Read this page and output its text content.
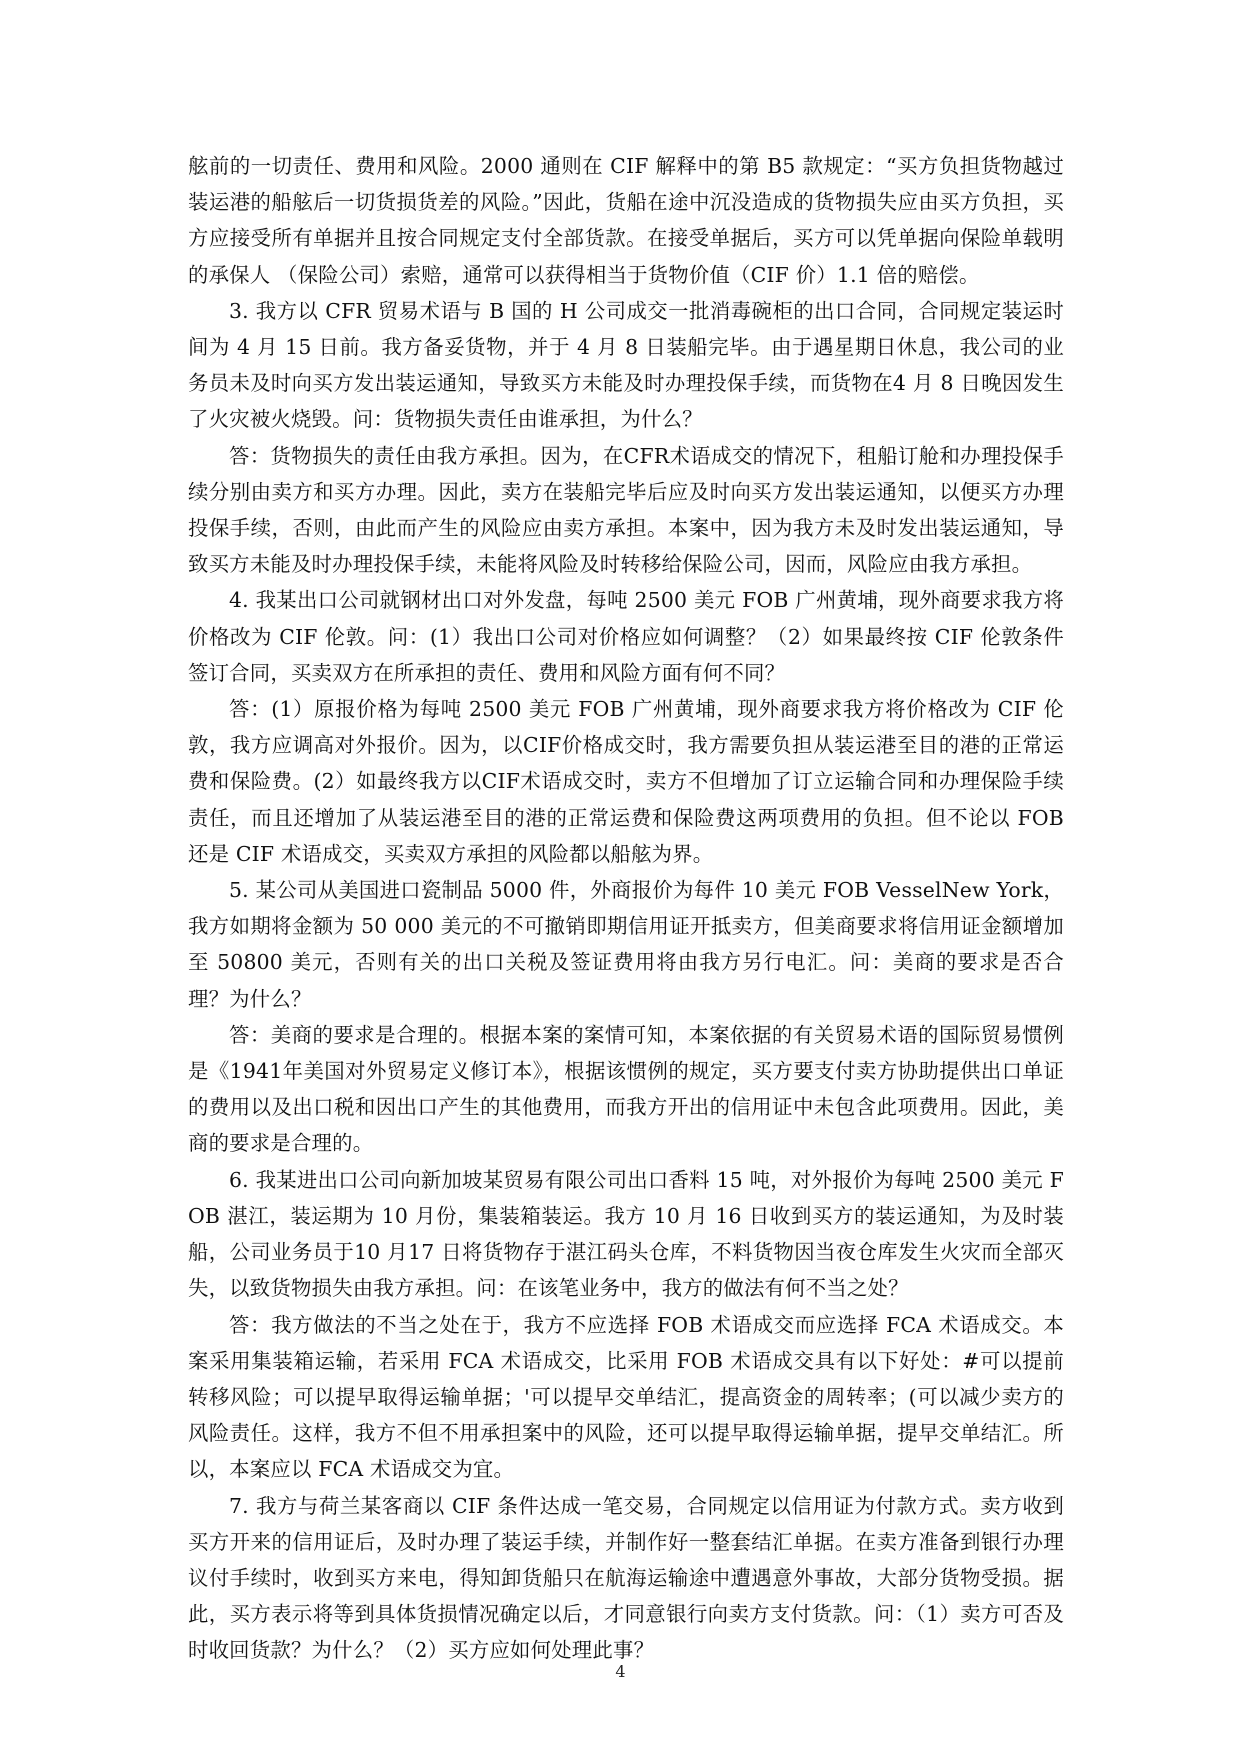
舷前的一切责任、费用和风险。2000 通则在 CIF 解释中的第 B5 款规定：“买方负担货物越过装运港的船舷后一切货损货差的风险。”因此，货船在途中沉没造成的货物损失应由买方负担，买方应接受所有单据并且按合同规定支付全部货款。在接受单据后，买方可以凭单据向保险单载明的承保人 （保险公司）索赔，通常可以获得相当于货物价值（CIF 价）1.1 倍的赔偿。

3. 我方以 CFR 贸易术语与 B 国的 H 公司成交一批消毒碗柜的出口合同，合同规定装运时间为 4 月 15 日前。我方备妥货物，并于 4 月 8 日装船完毕。由于遇星期日休息，我公司的业务员未及时向买方发出装运通知，导致买方未能及时办理投保手续，而货物在4 月 8 日晚因发生了火灾被火烧毁。问：货物损失责任由谁承担，为什么？

答：货物损失的责任由我方承担。因为，在CFR术语成交的情况下，租船订舱和办理投保手续分别由卖方和买方办理。因此，卖方在装船完毕后应及时向买方发出装运通知，以便买方办理投保手续，否则，由此而产生的风险应由卖方承担。本案中，因为我方未及时发出装运通知，导致买方未能及时办理投保手续，未能将风险及时转移给保险公司，因而，风险应由我方承担。

4. 我某出口公司就钢材出口对外发盘，每吨 2500 美元 FOB 广州黄埔，现外商要求我方将价格改为 CIF 伦敦。问：(1）我出口公司对价格应如何调整？（2）如果最终按 CIF 伦敦条件签订合同，买卖双方在所承担的责任、费用和风险方面有何不同？

答：(1）原报价格为每吨 2500 美元 FOB 广州黄埔，现外商要求我方将价格改为 CIF 伦敦，我方应调高对外报价。因为，以CIF价格成交时，我方需要负担从装运港至目的港的正常运费和保险费。(2）如最终我方以CIF术语成交时，卖方不但增加了订立运输合同和办理保险手续责任，而且还增加了从装运港至目的港的正常运费和保险费这两项费用的负担。但不论以 FOB 还是 CIF 术语成交，买卖双方承担的风险都以船舷为界。

5. 某公司从美国进口瓷制品 5000 件，外商报价为每件 10 美元 FOB VesselNew York，我方如期将金额为 50 000 美元的不可撤销即期信用证开抵卖方，但美商要求将信用证金额增加至 50800 美元，否则有关的出口关税及签证费用将由我方另行电汇。问：美商的要求是否合理？为什么？

答：美商的要求是合理的。根据本案的案情可知，本案依据的有关贸易术语的国际贸易惯例是《1941年美国对外贸易定义修订本》，根据该惯例的规定，买方要支付卖方协助提供出口单证的费用以及出口税和因出口产生的其他费用，而我方开出的信用证中未包含此项费用。因此，美商的要求是合理的。

6. 我某进出口公司向新加坡某贸易有限公司出口香料 15 吨，对外报价为每吨 2500 美元 FOB 湛江，装运期为 10 月份，集装箱装运。我方 10 月 16 日收到买方的装运通知，为及时装船，公司业务员于10 月17 日将货物存于湛江码头仓库，不料货物因当夜仓库发生火灾而全部灭失，以致货物损失由我方承担。问：在该笔业务中，我方的做法有何不当之处？

答：我方做法的不当之处在于，我方不应选择 FOB 术语成交而应选择 FCA 术语成交。本案采用集装箱运输，若采用 FCA 术语成交，比采用 FOB 术语成交具有以下好处：#可以提前转移风险；可以提早取得运输单据；'可以提早交单结汇，提高资金的周转率；(可以减少卖方的风险责任。这样，我方不但不用承担案中的风险，还可以提早取得运输单据，提早交单结汇。所以，本案应以 FCA 术语成交为宜。

7. 我方与荷兰某客商以 CIF 条件达成一笔交易，合同规定以信用证为付款方式。卖方收到买方开来的信用证后，及时办理了装运手续，并制作好一整套结汇单据。在卖方准备到银行办理议付手续时，收到买方来电，得知卸货船只在航海运输途中遭遇意外事故，大部分货物受损。据此，买方表示将等到具体货损情况确定以后，才同意银行向卖方支付货款。问：（1）卖方可否及时收回货款？为什么？（2）买方应如何处理此事？

4
